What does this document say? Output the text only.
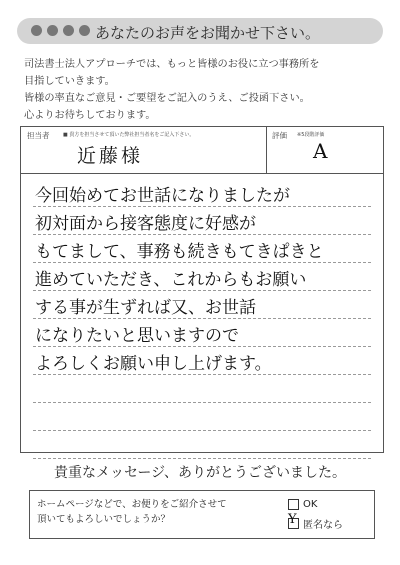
あなたのお声をお聞かせ下さい。
司法書士法人アプローチでは、もっと皆様のお役に立つ事務所を
目指していきます。
皆様の率直なご意見・ご要望をご記入のうえ、ご投函下さい。
心よりお待ちしております。
担当者	■ 貴方を担当させて頂いた弊社担当者名をご記入下さい。
近藤様
評価 ※5段階評価
A
今回始めてお世話になりましたが
初対面から接客態度に好感が
もてまして、事務も続きもてきぱきと
進めていただき、これからもお願い
する事が生ずれば又、お世話
になりたいと思いますので
よろしくお願い申し上げます。
貴重なメッセージ、ありがとうございました。
ホームページなどで、お便りをご紹介させて
頂いてもよろしいでしょうか？
OK
Y 匿名なら
